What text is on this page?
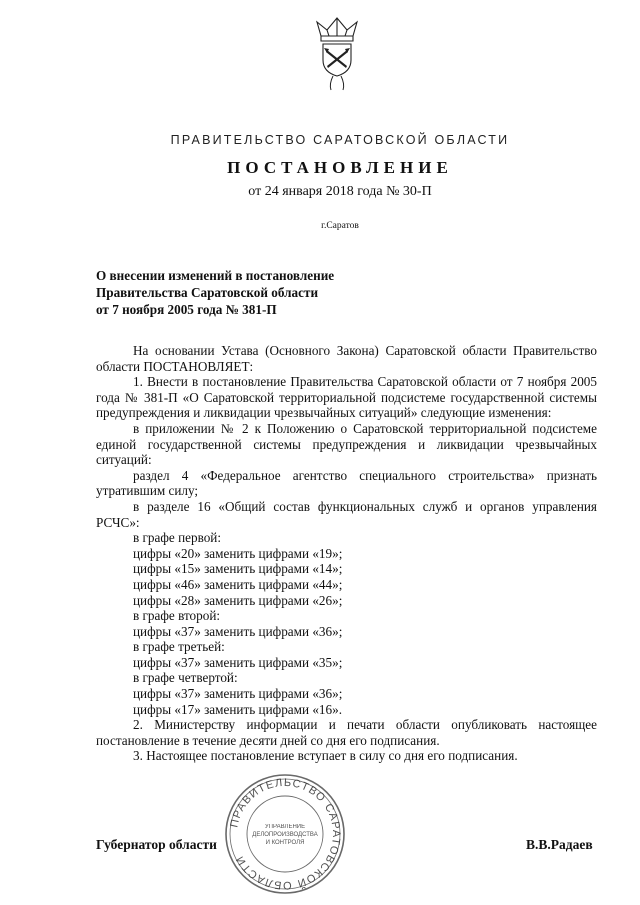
ПРАВИТЕЛЬСТВО САРАТОВСКОЙ ОБЛАСТИ
ПОСТАНОВЛЕНИЕ
от 24 января 2018 года № 30-П
г.Саратов
О внесении изменений в постановление
Правительства Саратовской области
от 7 ноября 2005 года № 381-П

На основании Устава (Основного Закона) Саратовской области Правительство области ПОСТАНОВЛЯЕТ:

1. Внести в постановление Правительства Саратовской области от 7 ноября 2005 года № 381-П «О Саратовской территориальной подсистеме государственной системы предупреждения и ликвидации чрезвычайных ситуаций» следующие изменения:

в приложении № 2 к Положению о Саратовской территориальной подсистеме единой государственной системы предупреждения и ликвидации чрезвычайных ситуаций:

раздел 4 «Федеральное агентство специального строительства» признать утратившим силу;

в разделе 16 «Общий состав функциональных служб и органов управления РСЧС»:

в графе первой:

цифры «20» заменить цифрами «19»;

цифры «15» заменить цифрами «14»;

цифры «46» заменить цифрами «44»;

цифры «28» заменить цифрами «26»;

в графе второй:

цифры «37» заменить цифрами «36»;

в графе третьей:

цифры «37» заменить цифрами «35»;

в графе четвертой:

цифры «37» заменить цифрами «36»;

цифры «17» заменить цифрами «16».

2. Министерству информации и печати области опубликовать настоящее постановление в течение десяти дней со дня его подписания.

3. Настоящее постановление вступает в силу со дня его подписания.

ПРАВИТЕЛЬСТВО САРАТОВСКОЙ ОБЛАСТИ
УПРАВЛЕНИЕ
ДЕЛОПРОИЗВОДСТВА
И КОНТРОЛЯ
Губернатор области	В.В.Радаев
